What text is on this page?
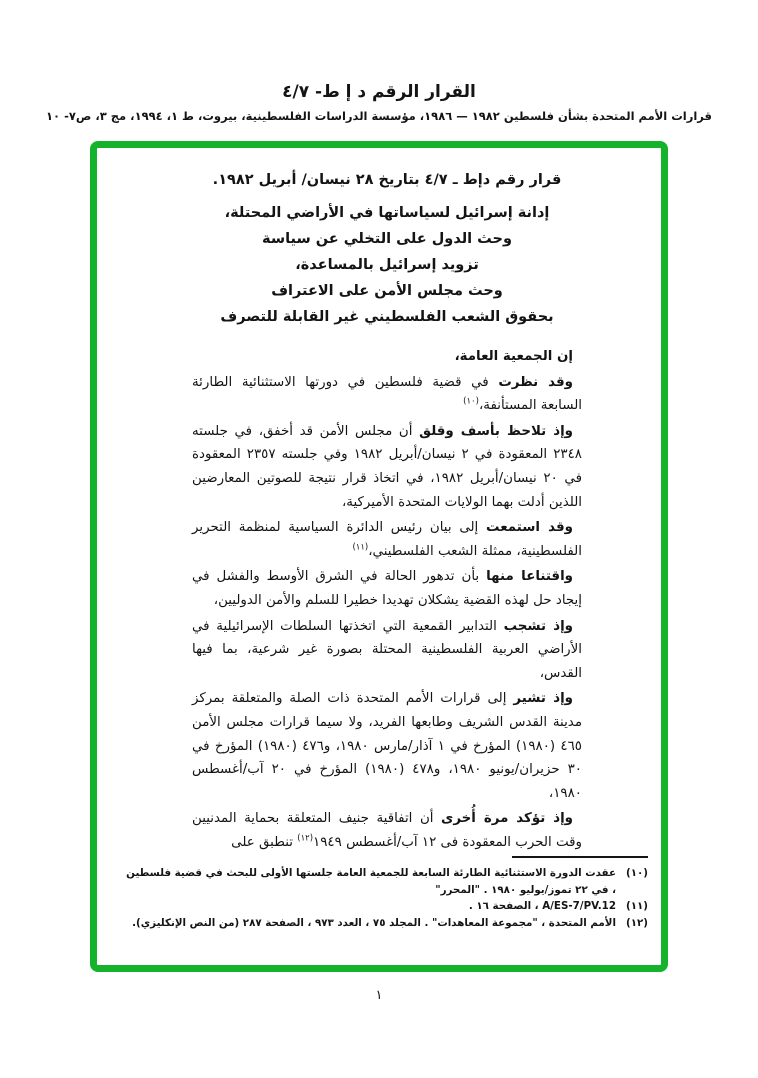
القرار الرقم د إ ط- ٤/٧
قرارات الأمم المتحدة بشأن فلسطين ١٩٨٢ — ١٩٨٦، مؤسسة الدراسات الفلسطينية، بيروت، ط ١، ١٩٩٤، مج ٣، ص٧- ١٠
قرار رقم دإط ـ ٤/٧ بتاريخ ٢٨ نيسان/ أبريل ١٩٨٢.
إدانة إسرائيل لسياساتها في الأراضي المحتلة،
وحث الدول على التخلي عن سياسة
تزويد إسرائيل بالمساعدة،
وحث مجلس الأمن على الاعتراف
بحقوق الشعب الفلسطيني غير القابلة للتصرف

إن الجمعية العامة،

وقد نظرت في قضية فلسطين في دورتها الاستثنائية الطارئة السابعة المستأنفة،$^{(١٠)}$

وإذ تلاحظ بأسف وقلق أن مجلس الأمن قد أخفق، في جلسته ٢٣٤٨ المعقودة في ٢ نيسان/أبريل ١٩٨٢ وفي جلسته ٢٣٥٧ المعقودة في ٢٠ نيسان/أبريل ١٩٨٢، في اتخاذ قرار نتيجة للصوتين المعارضين اللذين أدلت بهما الولايات المتحدة الأميركية،

وقد استمعت إلى بيان رئيس الدائرة السياسية لمنظمة التحرير الفلسطينية، ممثلة الشعب الفلسطيني،$^{(١١)}$

واقتناعا منها بأن تدهور الحالة في الشرق الأوسط والفشل في إيجاد حل لهذه القضية يشكلان تهديدا خطيرا للسلم والأمن الدوليين،

وإذ تشجب التدابير القمعية التي اتخذتها السلطات الإسرائيلية في الأراضي العربية الفلسطينية المحتلة بصورة غير شرعية، بما فيها القدس،

وإذ تشير إلى قرارات الأمم المتحدة ذات الصلة والمتعلقة بمركز مدينة القدس الشريف وطابعها الفريد، ولا سيما قرارات مجلس الأمن ٤٦٥ (١٩٨٠) المؤرخ في ١ آذار/مارس ١٩٨٠، و٤٧٦ (١٩٨٠) المؤرخ في ٣٠ حزيران/يونيو ١٩٨٠، و٤٧٨ (١٩٨٠) المؤرخ في ٢٠ آب/أغسطس ١٩٨٠،

وإذ تؤكد مرة أُخرى أن اتفاقية جنيف المتعلقة بحماية المدنيين وقت الحرب المعقودة فى ١٢ آب/أغسطس ١٩٤٩$^{(١٢)}$ تنطبق على

(١٠)
عقدت الدورة الاستثنائية الطارئة السابعة للجمعية العامة جلستها الأولى للبحث في قضية فلسطين ، في ٢٢ تموز/يوليو ١٩٨٠ . "المحرر"
(١١)
A/ES-7/PV.12 ، الصفحة ١٦ .
(١٢)
الأمم المتحدة ، "مجموعة المعاهدات" . المجلد ٧٥ ، العدد ٩٧٣ ، الصفحة ٢٨٧ (من النص الإنكليزي).
١
